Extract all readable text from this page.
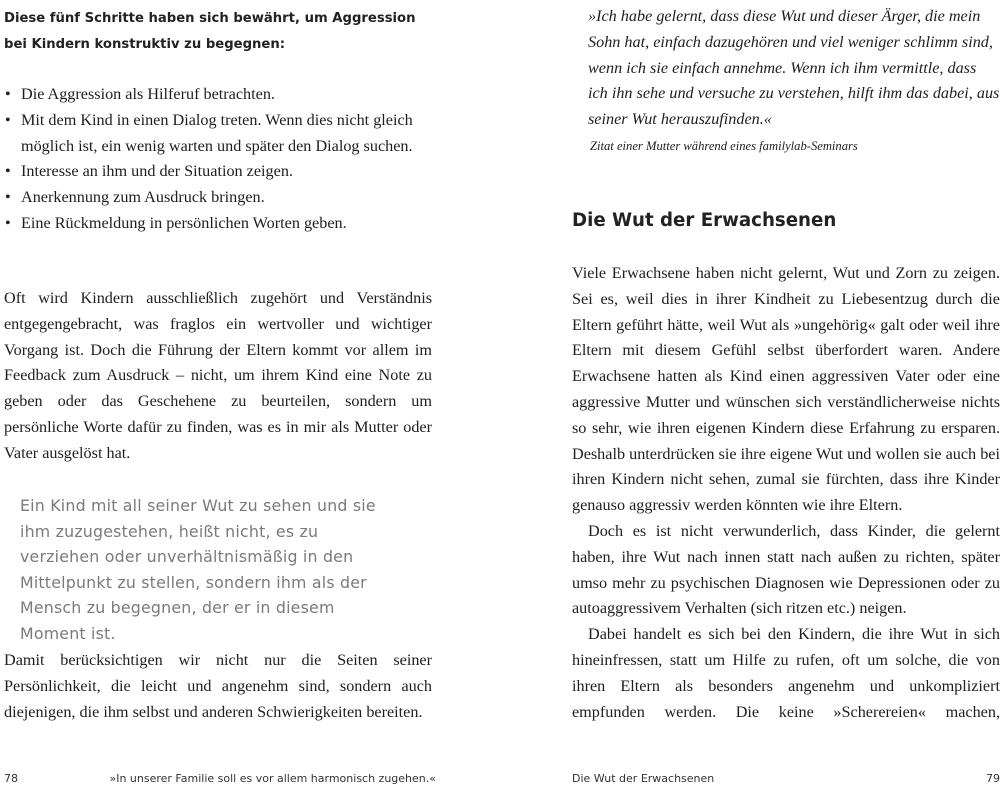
Diese fünf Schritte haben sich bewährt, um Aggression bei Kindern konstruktiv zu begegnen:
• Die Aggression als Hilferuf betrachten.
• Mit dem Kind in einen Dialog treten. Wenn dies nicht gleich möglich ist, ein wenig warten und später den Dialog suchen.
• Interesse an ihm und der Situation zeigen.
• Anerkennung zum Ausdruck bringen.
• Eine Rückmeldung in persönlichen Worten geben.

Oft wird Kindern ausschließlich zugehört und Verständnis entgegengebracht, was fraglos ein wertvoller und wichtiger Vorgang ist. Doch die Führung der Eltern kommt vor allem im Feedback zum Ausdruck – nicht, um ihrem Kind eine Note zu geben oder das Geschehene zu beurteilen, sondern um persönliche Worte dafür zu finden, was es in mir als Mutter oder Vater ausgelöst hat.

Ein Kind mit all seiner Wut zu sehen und sie ihm zuzugestehen, heißt nicht, es zu verziehen oder unverhältnismäßig in den Mittelpunkt zu stellen, sondern ihm als der Mensch zu begegnen, der er in diesem Moment ist.

Damit berücksichtigen wir nicht nur die Seiten seiner Persönlichkeit, die leicht und angenehm sind, sondern auch diejenigen, die ihm selbst und anderen Schwierigkeiten bereiten.

78	»In unserer Familie soll es vor allem harmonisch zugehen.«
»Ich habe gelernt, dass diese Wut und dieser Ärger, die mein Sohn hat, einfach dazugehören und viel weniger schlimm sind, wenn ich sie einfach annehme. Wenn ich ihm vermittle, dass ich ihn sehe und versuche zu verstehen, hilft ihm das dabei, aus seiner Wut herauszufinden.«
Zitat einer Mutter während eines familylab-Seminars
Die Wut der Erwachsenen

Viele Erwachsene haben nicht gelernt, Wut und Zorn zu zeigen. Sei es, weil dies in ihrer Kindheit zu Liebesentzug durch die Eltern geführt hätte, weil Wut als »ungehörig« galt oder weil ihre Eltern mit diesem Gefühl selbst überfordert waren. Andere Erwachsene hatten als Kind einen aggressiven Vater oder eine aggressive Mutter und wünschen sich verständlicherweise nichts so sehr, wie ihren eigenen Kindern diese Erfahrung zu ersparen. Deshalb unterdrücken sie ihre eigene Wut und wollen sie auch bei ihren Kindern nicht sehen, zumal sie fürchten, dass ihre Kinder genauso aggressiv werden könnten wie ihre Eltern.

Doch es ist nicht verwunderlich, dass Kinder, die gelernt haben, ihre Wut nach innen statt nach außen zu richten, später umso mehr zu psychischen Diagnosen wie Depressionen oder zu autoaggressivem Verhalten (sich ritzen etc.) neigen.

Dabei handelt es sich bei den Kindern, die ihre Wut in sich hineinfressen, statt um Hilfe zu rufen, oft um solche, die von ihren Eltern als besonders angenehm und unkompliziert empfunden werden. Die keine »Scherereien« machen,

Die Wut der Erwachsenen	79
